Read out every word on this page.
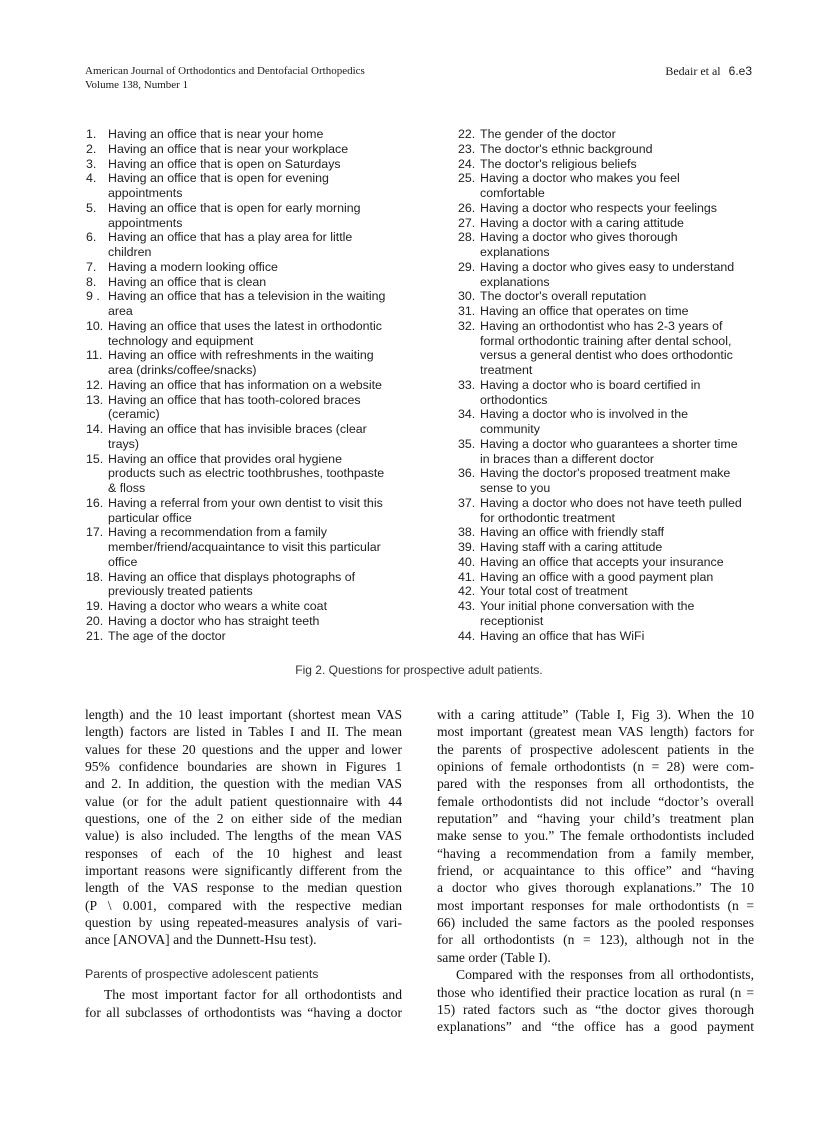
American Journal of Orthodontics and Dentofacial Orthopedics
Volume 138, Number 1
Bedair et al 6.e3
1. Having an office that is near your home
2. Having an office that is near your workplace
3. Having an office that is open on Saturdays
4. Having an office that is open for evening
appointments
5. Having an office that is open for early morning
appointments
6. Having an office that has a play area for little
children
7. Having a modern looking office
8. Having an office that is clean
9 . Having an office that has a television in the waiting
area
10. Having an office that uses the latest in orthodontic
technology and equipment
11. Having an office with refreshments in the waiting
area (drinks/coffee/snacks)
12. Having an office that has information on a website
13. Having an office that has tooth-colored braces
(ceramic)
14. Having an office that has invisible braces (clear
trays)
15. Having an office that provides oral hygiene
products such as electric toothbrushes, toothpaste
& floss
16. Having a referral from your own dentist to visit this
particular office
17. Having a recommendation from a family
member/friend/acquaintance to visit this particular
office
18. Having an office that displays photographs of
previously treated patients
19. Having a doctor who wears a white coat
20. Having a doctor who has straight teeth
21. The age of the doctor
22. The gender of the doctor
23. The doctor's ethnic background
24. The doctor's religious beliefs
25. Having a doctor who makes you feel
comfortable
26. Having a doctor who respects your feelings
27. Having a doctor with a caring attitude
28. Having a doctor who gives thorough
explanations
29. Having a doctor who gives easy to understand
explanations
30. The doctor's overall reputation
31. Having an office that operates on time
32. Having an orthodontist who has 2-3 years of
formal orthodontic training after dental school,
versus a general dentist who does orthodontic
treatment
33. Having a doctor who is board certified in
orthodontics
34. Having a doctor who is involved in the
community
35. Having a doctor who guarantees a shorter time
in braces than a different doctor
36. Having the doctor's proposed treatment make
sense to you
37. Having a doctor who does not have teeth pulled
for orthodontic treatment
38. Having an office with friendly staff
39. Having staff with a caring attitude
40. Having an office that accepts your insurance
41. Having an office with a good payment plan
42. Your total cost of treatment
43. Your initial phone conversation with the
receptionist
44. Having an office that has WiFi
Fig 2. Questions for prospective adult patients.
length) and the 10 least important (shortest mean VAS
length) factors are listed in Tables I and II. The mean
values for these 20 questions and the upper and lower
95% confidence boundaries are shown in Figures 1
and 2. In addition, the question with the median VAS
value (or for the adult patient questionnaire with 44
questions, one of the 2 on either side of the median
value) is also included. The lengths of the mean VAS
responses of each of the 10 highest and least
important reasons were significantly different from the
length of the VAS response to the median question
(P \ 0.001, compared with the respective median
question by using repeated-measures analysis of vari-
ance [ANOVA] and the Dunnett-Hsu test).
Parents of prospective adolescent patients
The most important factor for all orthodontists and
for all subclasses of orthodontists was “having a doctor
with a caring attitude” (Table I, Fig 3). When the 10
most important (greatest mean VAS length) factors for
the parents of prospective adolescent patients in the
opinions of female orthodontists (n = 28) were com-
pared with the responses from all orthodontists, the
female orthodontists did not include “doctor’s overall
reputation” and “having your child’s treatment plan
make sense to you.” The female orthodontists included
“having a recommendation from a family member,
friend, or acquaintance to this office” and “having
a doctor who gives thorough explanations.” The 10
most important responses for male orthodontists (n =
66) included the same factors as the pooled responses
for all orthodontists (n = 123), although not in the
same order (Table I).
Compared with the responses from all orthodontists,
those who identified their practice location as rural (n =
15) rated factors such as “the doctor gives thorough
explanations” and “the office has a good payment
